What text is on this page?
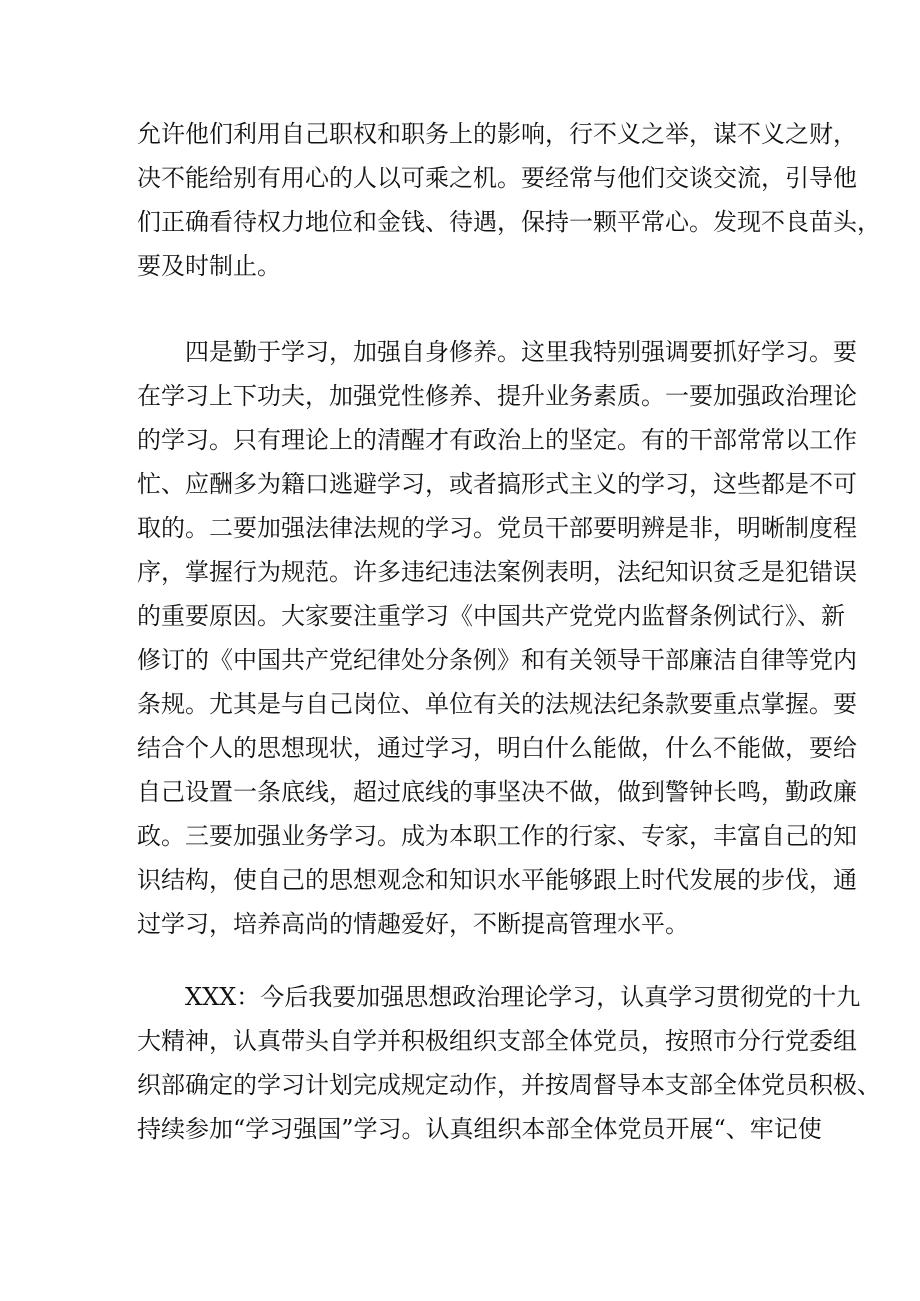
允许他们利用自己职权和职务上的影响，行不义之举，谋不义之财，
决不能给别有用心的人以可乘之机。要经常与他们交谈交流，引导他
们正确看待权力地位和金钱、待遇，保持一颗平常心。发现不良苗头，
要及时制止。
　　四是勤于学习，加强自身修养。这里我特别强调要抓好学习。要
在学习上下功夫，加强党性修养、提升业务素质。一要加强政治理论
的学习。只有理论上的清醒才有政治上的坚定。有的干部常常以工作
忙、应酬多为籍口逃避学习，或者搞形式主义的学习，这些都是不可
取的。二要加强法律法规的学习。党员干部要明辨是非，明晰制度程
序，掌握行为规范。许多违纪违法案例表明，法纪知识贫乏是犯错误
的重要原因。大家要注重学习《中国共产党党内监督条例试行》、新
修订的《中国共产党纪律处分条例》和有关领导干部廉洁自律等党内
条规。尤其是与自己岗位、单位有关的法规法纪条款要重点掌握。要
结合个人的思想现状，通过学习，明白什么能做，什么不能做，要给
自己设置一条底线，超过底线的事坚决不做，做到警钟长鸣，勤政廉
政。三要加强业务学习。成为本职工作的行家、专家，丰富自己的知
识结构，使自己的思想观念和知识水平能够跟上时代发展的步伐，通
过学习，培养高尚的情趣爱好，不断提高管理水平。
　　XXX：今后我要加强思想政治理论学习，认真学习贯彻党的十九
大精神，认真带头自学并积极组织支部全体党员，按照市分行党委组
织部确定的学习计划完成规定动作，并按周督导本支部全体党员积极、
持续参加“学习强国”学习。认真组织本部全体党员开展“、牢记使
